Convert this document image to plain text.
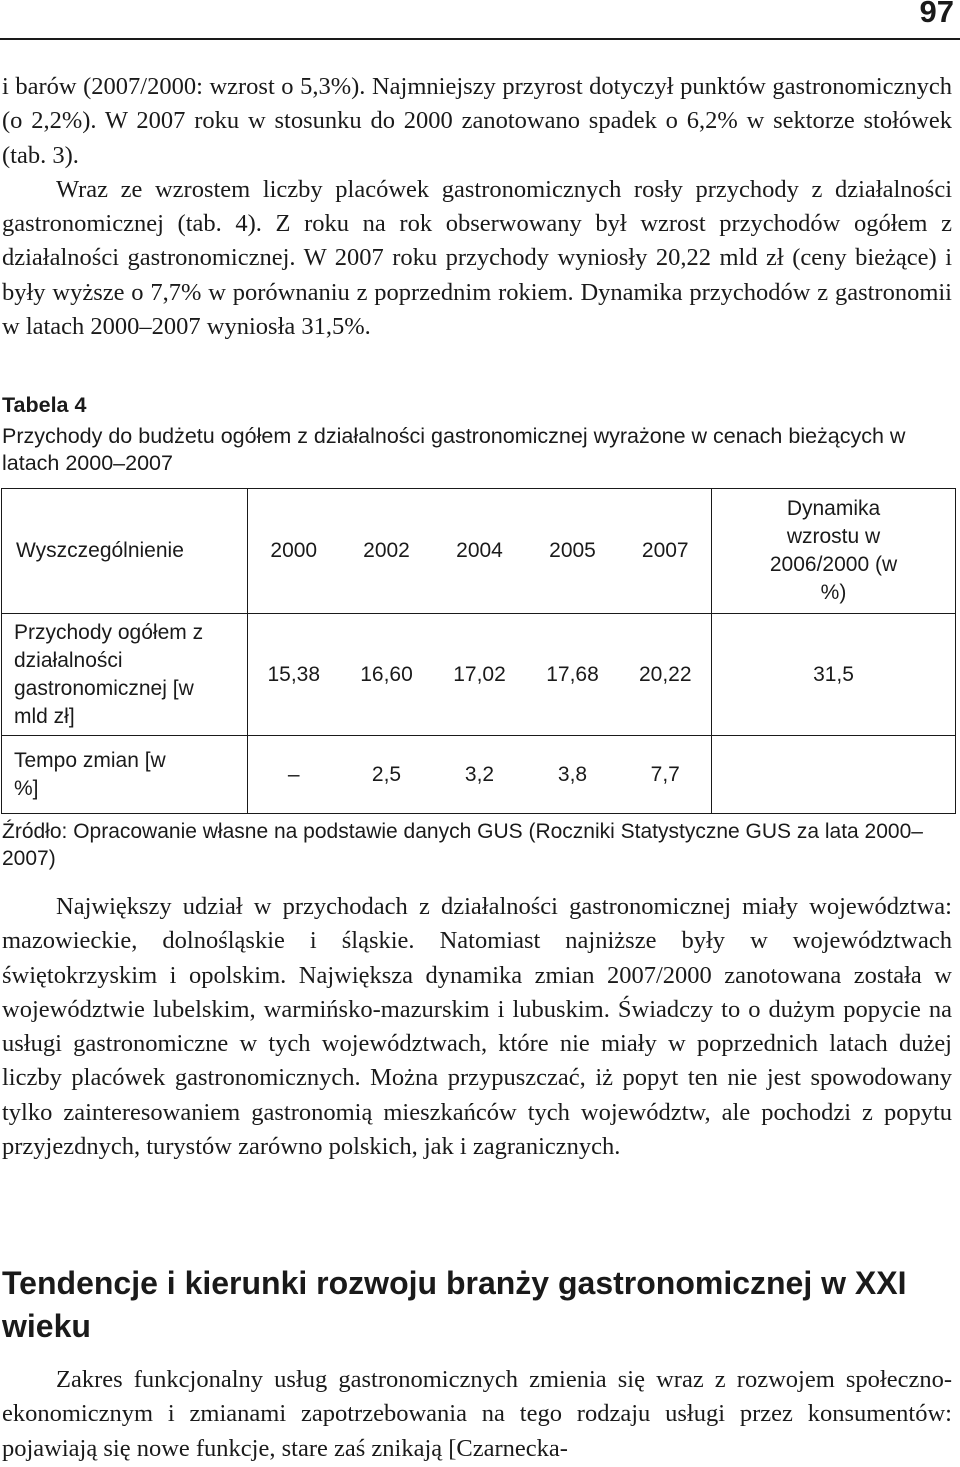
97

i barów (2007/2000: wzrost o 5,3%). Najmniejszy przyrost dotyczył punktów gastronomicznych (o 2,2%). W 2007 roku w stosunku do 2000 zanotowano spadek o 6,2% w sektorze stołówek (tab. 3).

Wraz ze wzrostem liczby placówek gastronomicznych rosły przychody z działalności gastronomicznej (tab. 4). Z roku na rok obserwowany był wzrost przychodów ogółem z działalności gastronomicznej. W 2007 roku przychody wyniosły 20,22 mld zł (ceny bieżące) i były wyższe o 7,7% w porównaniu z poprzednim rokiem. Dynamika przychodów z gastronomii w latach 2000–2007 wyniosła 31,5%.

Tabela 4

Przychody do budżetu ogółem z działalności gastronomicznej wyrażone w cenach bieżących w latach 2000–2007

Wyszczególnienie	2000	2002	2004	2005	2007	Dynamika wzrostu w 2006/2000 (w %)

Przychody ogółem z działalności gastronomicznej [w mld zł]	15,38	16,60	17,02	17,68	20,22	31,5

Tempo zmian [w %]	–	2,5	3,2	3,8	7,7	

Źródło: Opracowanie własne na podstawie danych GUS (Roczniki Statystyczne GUS za lata 2000–2007)

Największy udział w przychodach z działalności gastronomicznej miały województwa: mazowieckie, dolnośląskie i śląskie. Natomiast najniższe były w województwach świętokrzyskim i opolskim. Największa dynamika zmian 2007/2000 zanotowana została w województwie lubelskim, warmińsko-mazurskim i lubuskim. Świadczy to o dużym popycie na usługi gastronomiczne w tych województwach, które nie miały w poprzednich latach dużej liczby placówek gastronomicznych. Można przypuszczać, iż popyt ten nie jest spowodowany tylko zainteresowaniem gastronomią mieszkańców tych województw, ale pochodzi z popytu przyjezdnych, turystów zarówno polskich, jak i zagranicznych.

Tendencje i kierunki rozwoju branży gastronomicznej w XXI wieku

Zakres funkcjonalny usług gastronomicznych zmienia się wraz z rozwojem społeczno-ekonomicznym i zmianami zapotrzebowania na tego rodzaju usługi przez konsumentów: pojawiają się nowe funkcje, stare zaś znikają [Czarnecka-
